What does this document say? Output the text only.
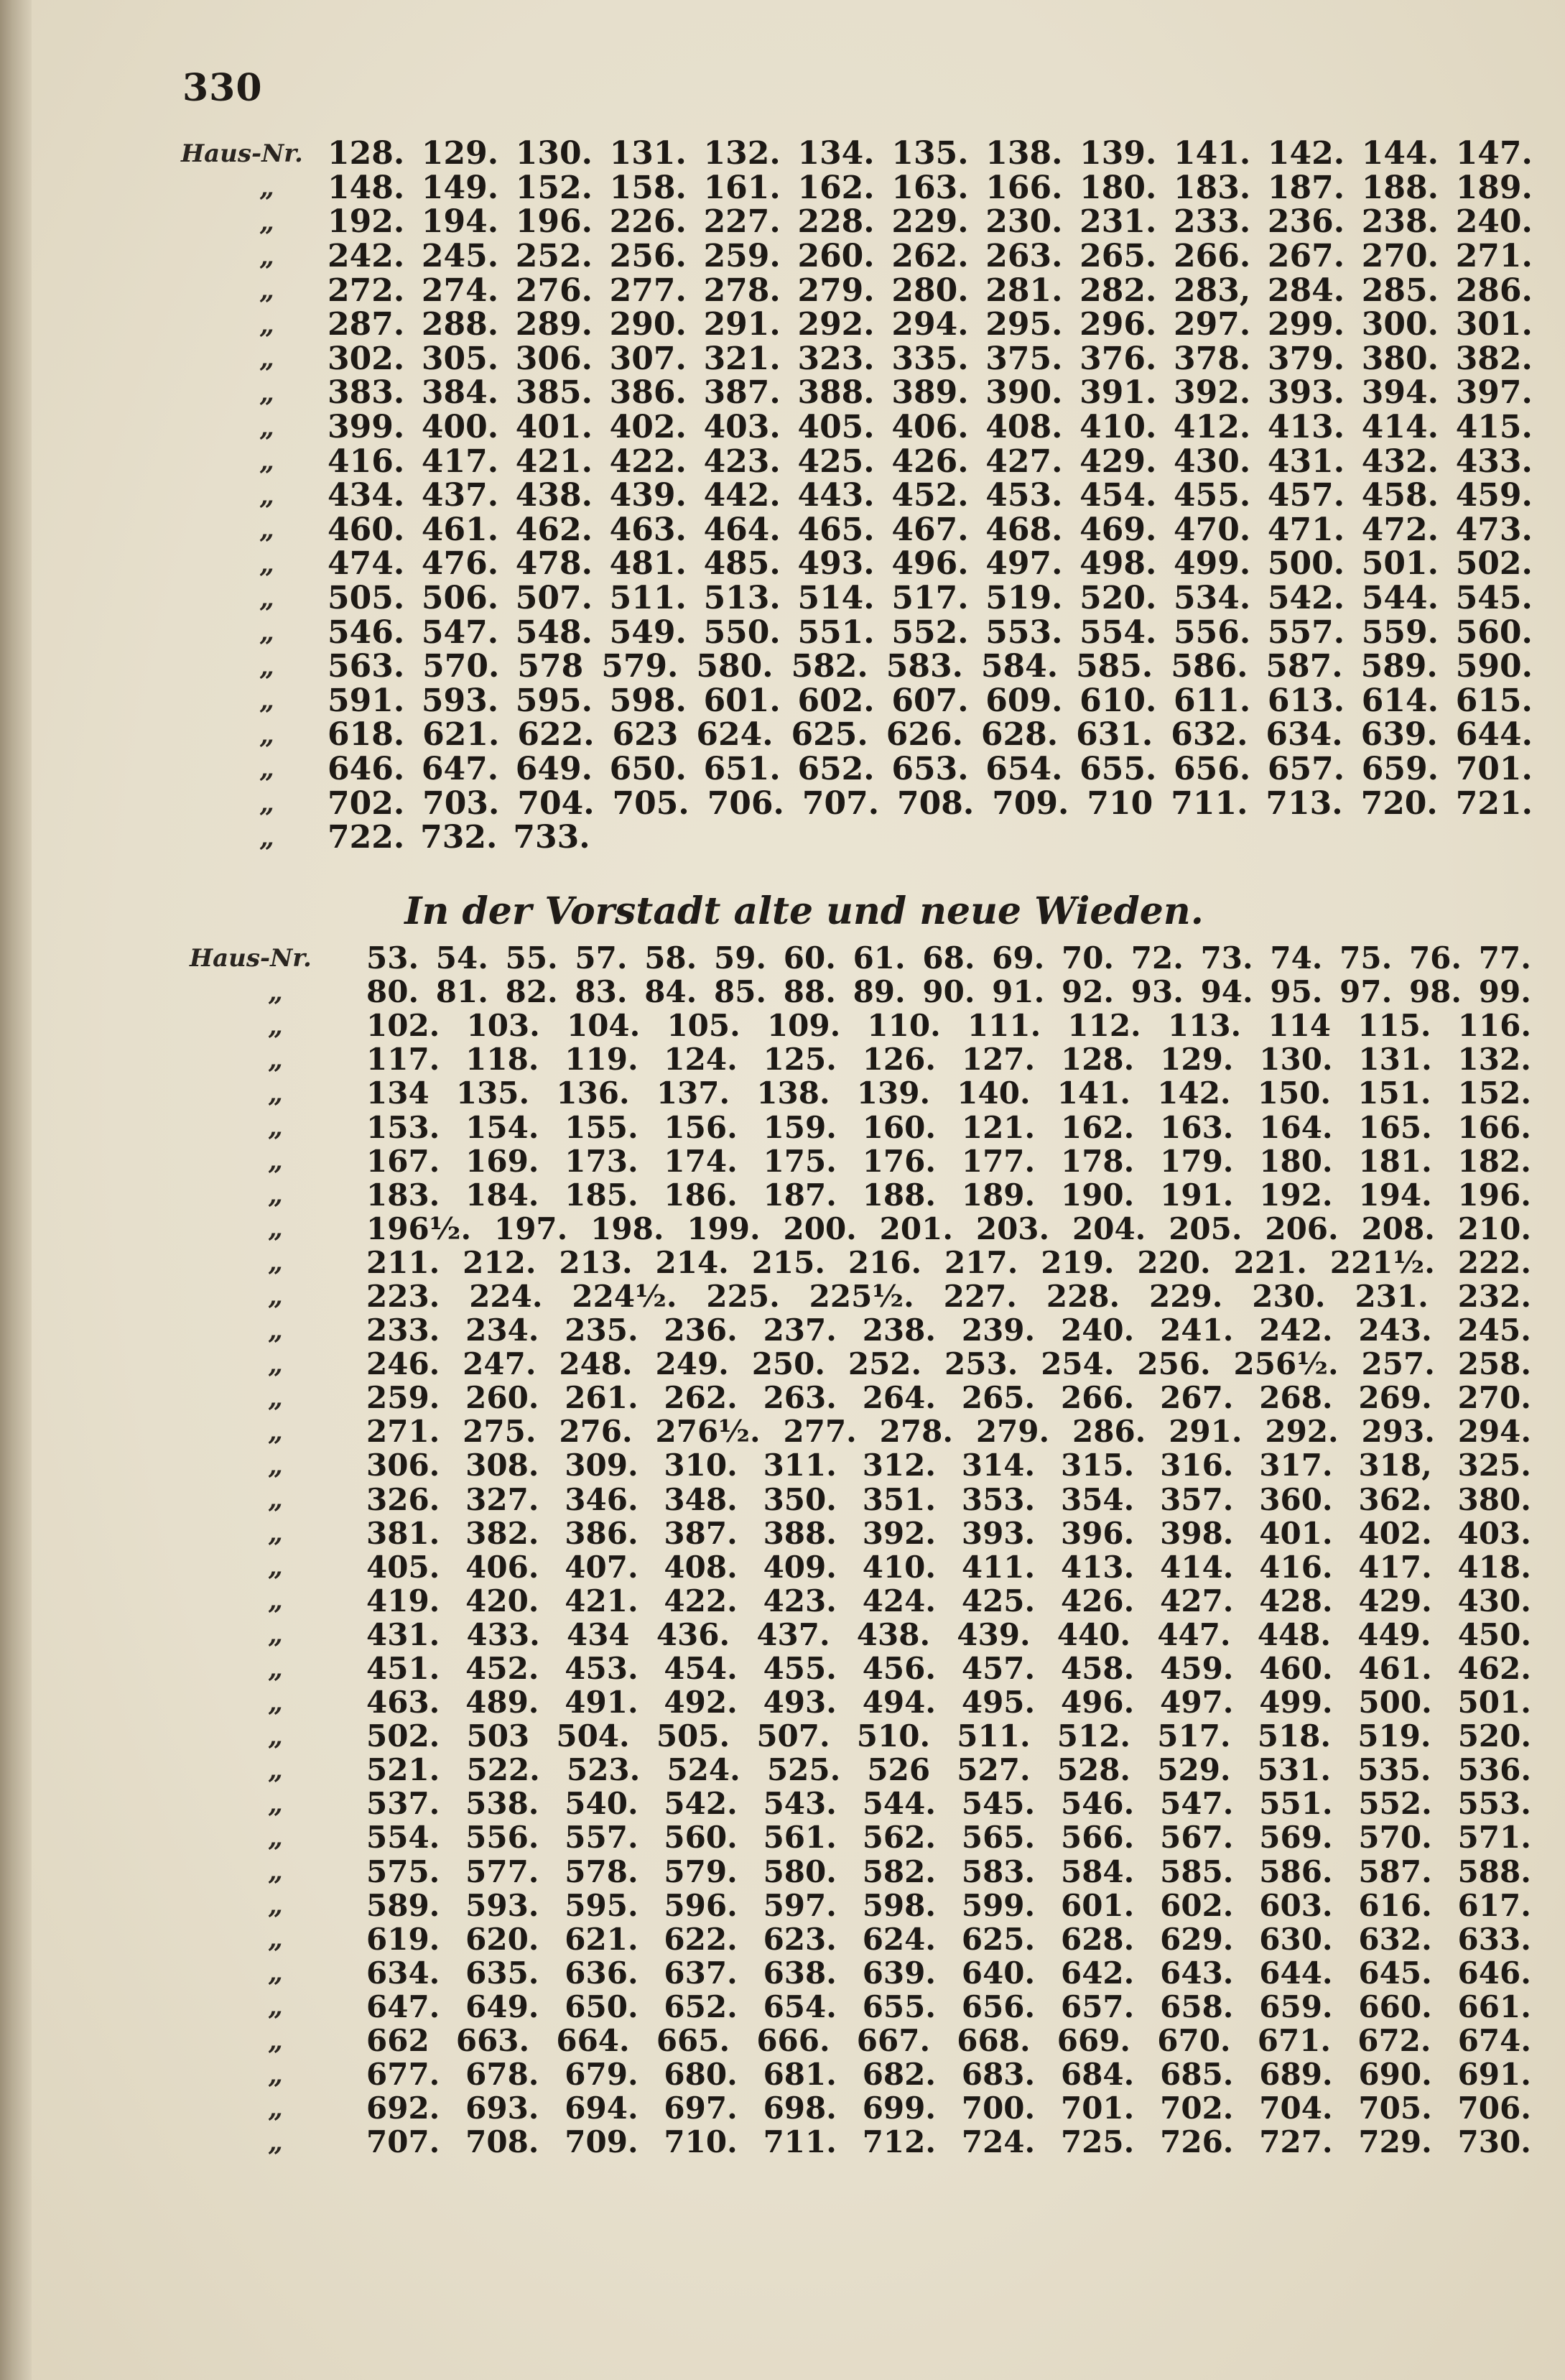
330
Haus-Nr. 128. 129. 130. 131. 132. 134. 135. 138. 139. 141. 142. 144. 147.
„ 148. 149. 152. 158. 161. 162. 163. 166. 180. 183. 187. 188. 189.
„ 192. 194. 196. 226. 227. 228. 229. 230. 231. 233. 236. 238. 240.
„ 242. 245. 252. 256. 259. 260. 262. 263. 265. 266. 267. 270. 271.
„ 272. 274. 276. 277. 278. 279. 280. 281. 282. 283, 284. 285. 286.
„ 287. 288. 289. 290. 291. 292. 294. 295. 296. 297. 299. 300. 301.
„ 302. 305. 306. 307. 321. 323. 335. 375. 376. 378. 379. 380. 382.
„ 383. 384. 385. 386. 387. 388. 389. 390. 391. 392. 393. 394. 397.
„ 399. 400. 401. 402. 403. 405. 406. 408. 410. 412. 413. 414. 415.
„ 416. 417. 421. 422. 423. 425. 426. 427. 429. 430. 431. 432. 433.
„ 434. 437. 438. 439. 442. 443. 452. 453. 454. 455. 457. 458. 459.
„ 460. 461. 462. 463. 464. 465. 467. 468. 469. 470. 471. 472. 473.
„ 474. 476. 478. 481. 485. 493. 496. 497. 498. 499. 500. 501. 502.
„ 505. 506. 507. 511. 513. 514. 517. 519. 520. 534. 542. 544. 545.
„ 546. 547. 548. 549. 550. 551. 552. 553. 554. 556. 557. 559. 560.
„ 563. 570. 578 579. 580. 582. 583. 584. 585. 586. 587. 589. 590.
„ 591. 593. 595. 598. 601. 602. 607. 609. 610. 611. 613. 614. 615.
„ 618. 621. 622. 623 624. 625. 626. 628. 631. 632. 634. 639. 644.
„ 646. 647. 649. 650. 651. 652. 653. 654. 655. 656. 657. 659. 701.
„ 702. 703. 704. 705. 706. 707. 708. 709. 710 711. 713. 720. 721.
„ 722. 732. 733.
In der Vorstadt alte und neue Wieden.
Haus-Nr.	53. 54. 55. 57. 58. 59. 60. 61. 68. 69. 70. 72. 73. 74. 75. 76. 77.
„	80. 81. 82. 83. 84. 85. 88. 89. 90. 91. 92. 93. 94. 95. 97. 98. 99.
„	102. 103. 104. 105. 109. 110. 111. 112. 113. 114 115. 116.
„	117. 118. 119. 124. 125. 126. 127. 128. 129. 130. 131. 132.
„	134 135. 136. 137. 138. 139. 140. 141. 142. 150. 151. 152.
„	153. 154. 155. 156. 159. 160. 121. 162. 163. 164. 165. 166.
„	167. 169. 173. 174. 175. 176. 177. 178. 179. 180. 181. 182.
„	183. 184. 185. 186. 187. 188. 189. 190. 191. 192. 194. 196.
„	196½. 197. 198. 199. 200. 201. 203. 204. 205. 206. 208. 210.
„	211. 212. 213. 214. 215. 216. 217. 219. 220. 221. 221½. 222.
„	223. 224. 224½. 225. 225½. 227. 228. 229. 230. 231. 232.
„	233. 234. 235. 236. 237. 238. 239. 240. 241. 242. 243. 245.
„	246. 247. 248. 249. 250. 252. 253. 254. 256. 256½. 257. 258.
„	259. 260. 261. 262. 263. 264. 265. 266. 267. 268. 269. 270.
„	271. 275. 276. 276½. 277. 278. 279. 286. 291. 292. 293. 294.
„	306. 308. 309. 310. 311. 312. 314. 315. 316. 317. 318, 325.
„	326. 327. 346. 348. 350. 351. 353. 354. 357. 360. 362. 380.
„	381. 382. 386. 387. 388. 392. 393. 396. 398. 401. 402. 403.
„	405. 406. 407. 408. 409. 410. 411. 413. 414. 416. 417. 418.
„	419. 420. 421. 422. 423. 424. 425. 426. 427. 428. 429. 430.
„	431. 433. 434 436. 437. 438. 439. 440. 447. 448. 449. 450.
„	451. 452. 453. 454. 455. 456. 457. 458. 459. 460. 461. 462.
„	463. 489. 491. 492. 493. 494. 495. 496. 497. 499. 500. 501.
„	502. 503 504. 505. 507. 510. 511. 512. 517. 518. 519. 520.
„	521. 522. 523. 524. 525. 526 527. 528. 529. 531. 535. 536.
„	537. 538. 540. 542. 543. 544. 545. 546. 547. 551. 552. 553.
„	554. 556. 557. 560. 561. 562. 565. 566. 567. 569. 570. 571.
„	575. 577. 578. 579. 580. 582. 583. 584. 585. 586. 587. 588.
„	589. 593. 595. 596. 597. 598. 599. 601. 602. 603. 616. 617.
„	619. 620. 621. 622. 623. 624. 625. 628. 629. 630. 632. 633.
„	634. 635. 636. 637. 638. 639. 640. 642. 643. 644. 645. 646.
„	647. 649. 650. 652. 654. 655. 656. 657. 658. 659. 660. 661.
„	662 663. 664. 665. 666. 667. 668. 669. 670. 671. 672. 674.
„	677. 678. 679. 680. 681. 682. 683. 684. 685. 689. 690. 691.
„	692. 693. 694. 697. 698. 699. 700. 701. 702. 704. 705. 706.
„	707. 708. 709. 710. 711. 712. 724. 725. 726. 727. 729. 730.
